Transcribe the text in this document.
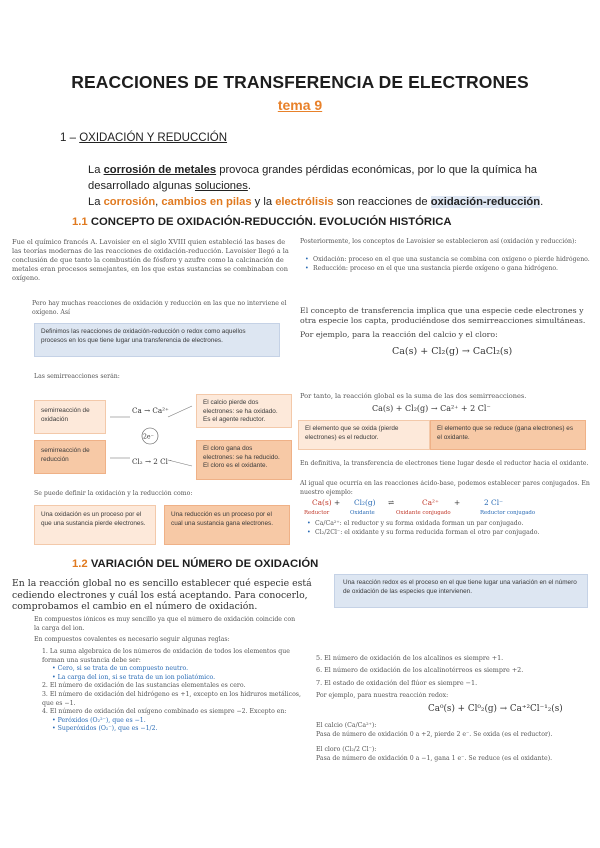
REACCIONES DE TRANSFERENCIA DE ELECTRONES
tema 9
1 – OXIDACIÓN Y REDUCCIÓN
La corrosión de metales provoca grandes pérdidas económicas, por lo que la química ha desarrollado algunas soluciones.
La corrosión, cambios en pilas y la electrólisis son reacciones de oxidación-reducción.
1.1 CONCEPTO DE OXIDACIÓN-REDUCCIÓN. EVOLUCIÓN HISTÓRICA
Fue el químico francés A. Lavoisier en el siglo XVIII quien estableció las bases de las teorías modernas de las reacciones de oxidación-reducción. Lavoisier llegó a la conclusión de que tanto la combustión de fósforo y azufre como la calcinación de metales eran procesos semejantes, en los que estas sustancias se combinaban con oxígeno.
Pero hay muchas reacciones de oxidación y reducción en las que no interviene el oxígeno. Así
Definimos las reacciones de oxidación-reducción o redox como aquellos procesos en los que tiene lugar una transferencia de electrones.
Las semirreacciones serán:
semirreacción de oxidación
semirreacción de reducción
Ca → Ca²⁺
2e⁻
Cl₂ → 2 Cl⁻
El calcio pierde dos electrones: se ha oxidado. Es el agente reductor.
El cloro gana dos electrones: se ha reducido. El cloro es el oxidante.
Se puede definir la oxidación y la reducción como:
Una oxidación es un proceso por el que una sustancia pierde electrones.
Una reducción es un proceso por el cual una sustancia gana electrones.
Posteriormente, los conceptos de Lavoisier se establecieron así (oxidación y reducción):
• Oxidación: proceso en el que una sustancia se combina con oxígeno o pierde hidrógeno.
• Reducción: proceso en el que una sustancia pierde oxígeno o gana hidrógeno.
El concepto de transferencia implica que una especie cede electrones y otra especie los capta, produciéndose dos semirreacciones simultáneas.
Por ejemplo, para la reacción del calcio y el cloro:
Ca(s) + Cl₂(g) → CaCl₂(s)
Por tanto, la reacción global es la suma de las dos semirreacciones.
Ca(s) + Cl₂(g) → Ca²⁺ + 2 Cl⁻
El elemento que se oxida (pierde electrones) es el reductor.
El elemento que se reduce (gana electrones) es el oxidante.
En definitiva, la transferencia de electrones tiene lugar desde el reductor hacia el oxidante.
Al igual que ocurría en las reacciones ácido-base, podemos establecer pares conjugados. En nuestro ejemplo:
Ca(s) + Cl₂(g) ⇌	Ca²⁺ +	2 Cl⁻
Reductor	Oxidante	Oxidante conjugado	Reductor conjugado
• Ca/Ca²⁺: el reductor y su forma oxidada forman un par conjugado.
• Cl₂/2Cl⁻: el oxidante y su forma reducida forman el otro par conjugado.
1.2 VARIACIÓN DEL NÚMERO DE OXIDACIÓN
En la reacción global no es sencillo establecer qué especie está cediendo electrones y cuál los está aceptando. Para conocerlo, comprobamos el cambio en el número de oxidación.
Una reacción redox es el proceso en el que tiene lugar una variación en el número de oxidación de las especies que intervienen.
En compuestos iónicos es muy sencillo ya que el número de oxidación coincide con la carga del ion.
En compuestos covalentes es necesario seguir algunas reglas:
1. La suma algebraica de los números de oxidación de todos los elementos que forman una sustancia debe ser:
• Cero, si se trata de un compuesto neutro.
• La carga del ion, si se trata de un ion poliatómico.
2. El número de oxidación de las sustancias elementales es cero.
3. El número de oxidación del hidrógeno es +1, excepto en los hidruros metálicos, que es −1.
4. El número de oxidación del oxígeno combinado es siempre −2. Excepto en:
• Peróxidos (O₂²⁻), que es −1.
• Superóxidos (O₂⁻), que es −1/2.
5. El número de oxidación de los alcalinos es siempre +1.
6. El número de oxidación de los alcalinotérreos es siempre +2.
7. El estado de oxidación del flúor es siempre −1.
Por ejemplo, para nuestra reacción redox:
Ca⁰(s) + Cl⁰₂(g) → Ca⁺²Cl⁻¹₂(s)
El calcio (Ca/Ca²⁺):
Pasa de número de oxidación 0 a +2, pierde 2 e⁻. Se oxida (es el reductor).
El cloro (Cl₂/2 Cl⁻):
Pasa de número de oxidación 0 a −1, gana 1 e⁻. Se reduce (es el oxidante).
